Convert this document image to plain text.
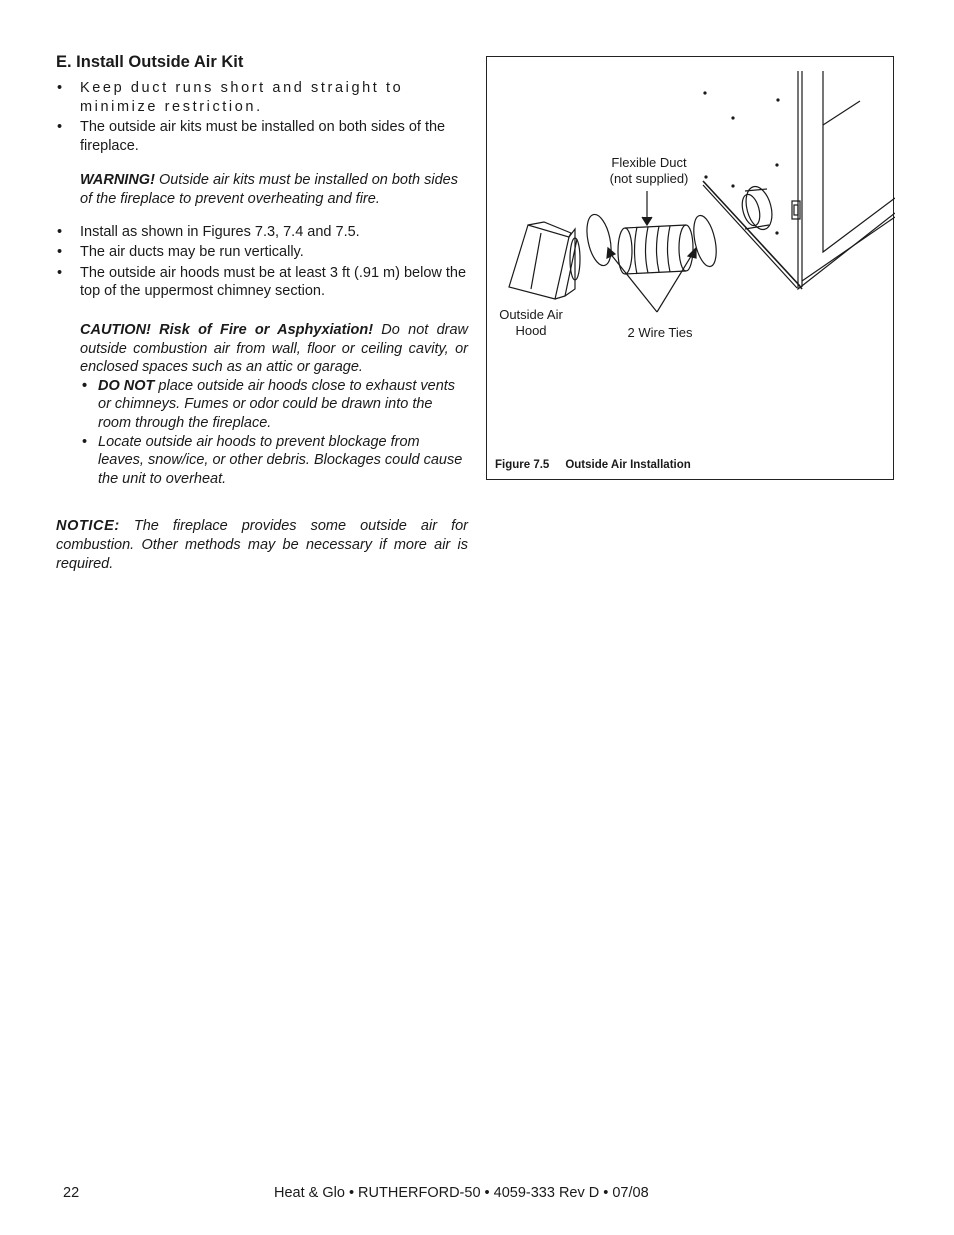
E. Install Outside Air Kit
• Keep duct runs short and straight to minimize restriction.
• The outside air kits must be installed on both sides of the fireplace.
WARNING! Outside air kits must be installed on both sides of the fireplace to prevent overheating and fire.
• Install as shown in Figures 7.3, 7.4 and 7.5.
• The air ducts may be run vertically.
• The outside air hoods must be at least 3 ft (.91 m) below the top of the uppermost chimney section.
CAUTION! Risk of Fire or Asphyxiation! Do not draw outside combustion air from wall, floor or ceiling cavity, or enclosed spaces such as an attic or garage.
• DO NOT place outside air hoods close to exhaust vents or chimneys. Fumes or odor could be drawn into the room through the fireplace.
• Locate outside air hoods to prevent blockage from leaves, snow/ice, or other debris. Blockages could cause the unit to overheat.
NOTICE: The fireplace provides some outside air for combustion. Other methods may be necessary if more air is required.
Flexible Duct
(not supplied)
Outside Air
Hood	2 Wire Ties
Figure 7.5 Outside Air Installation
22	Heat & Glo • RUTHERFORD-50 • 4059-333 Rev D • 07/08
